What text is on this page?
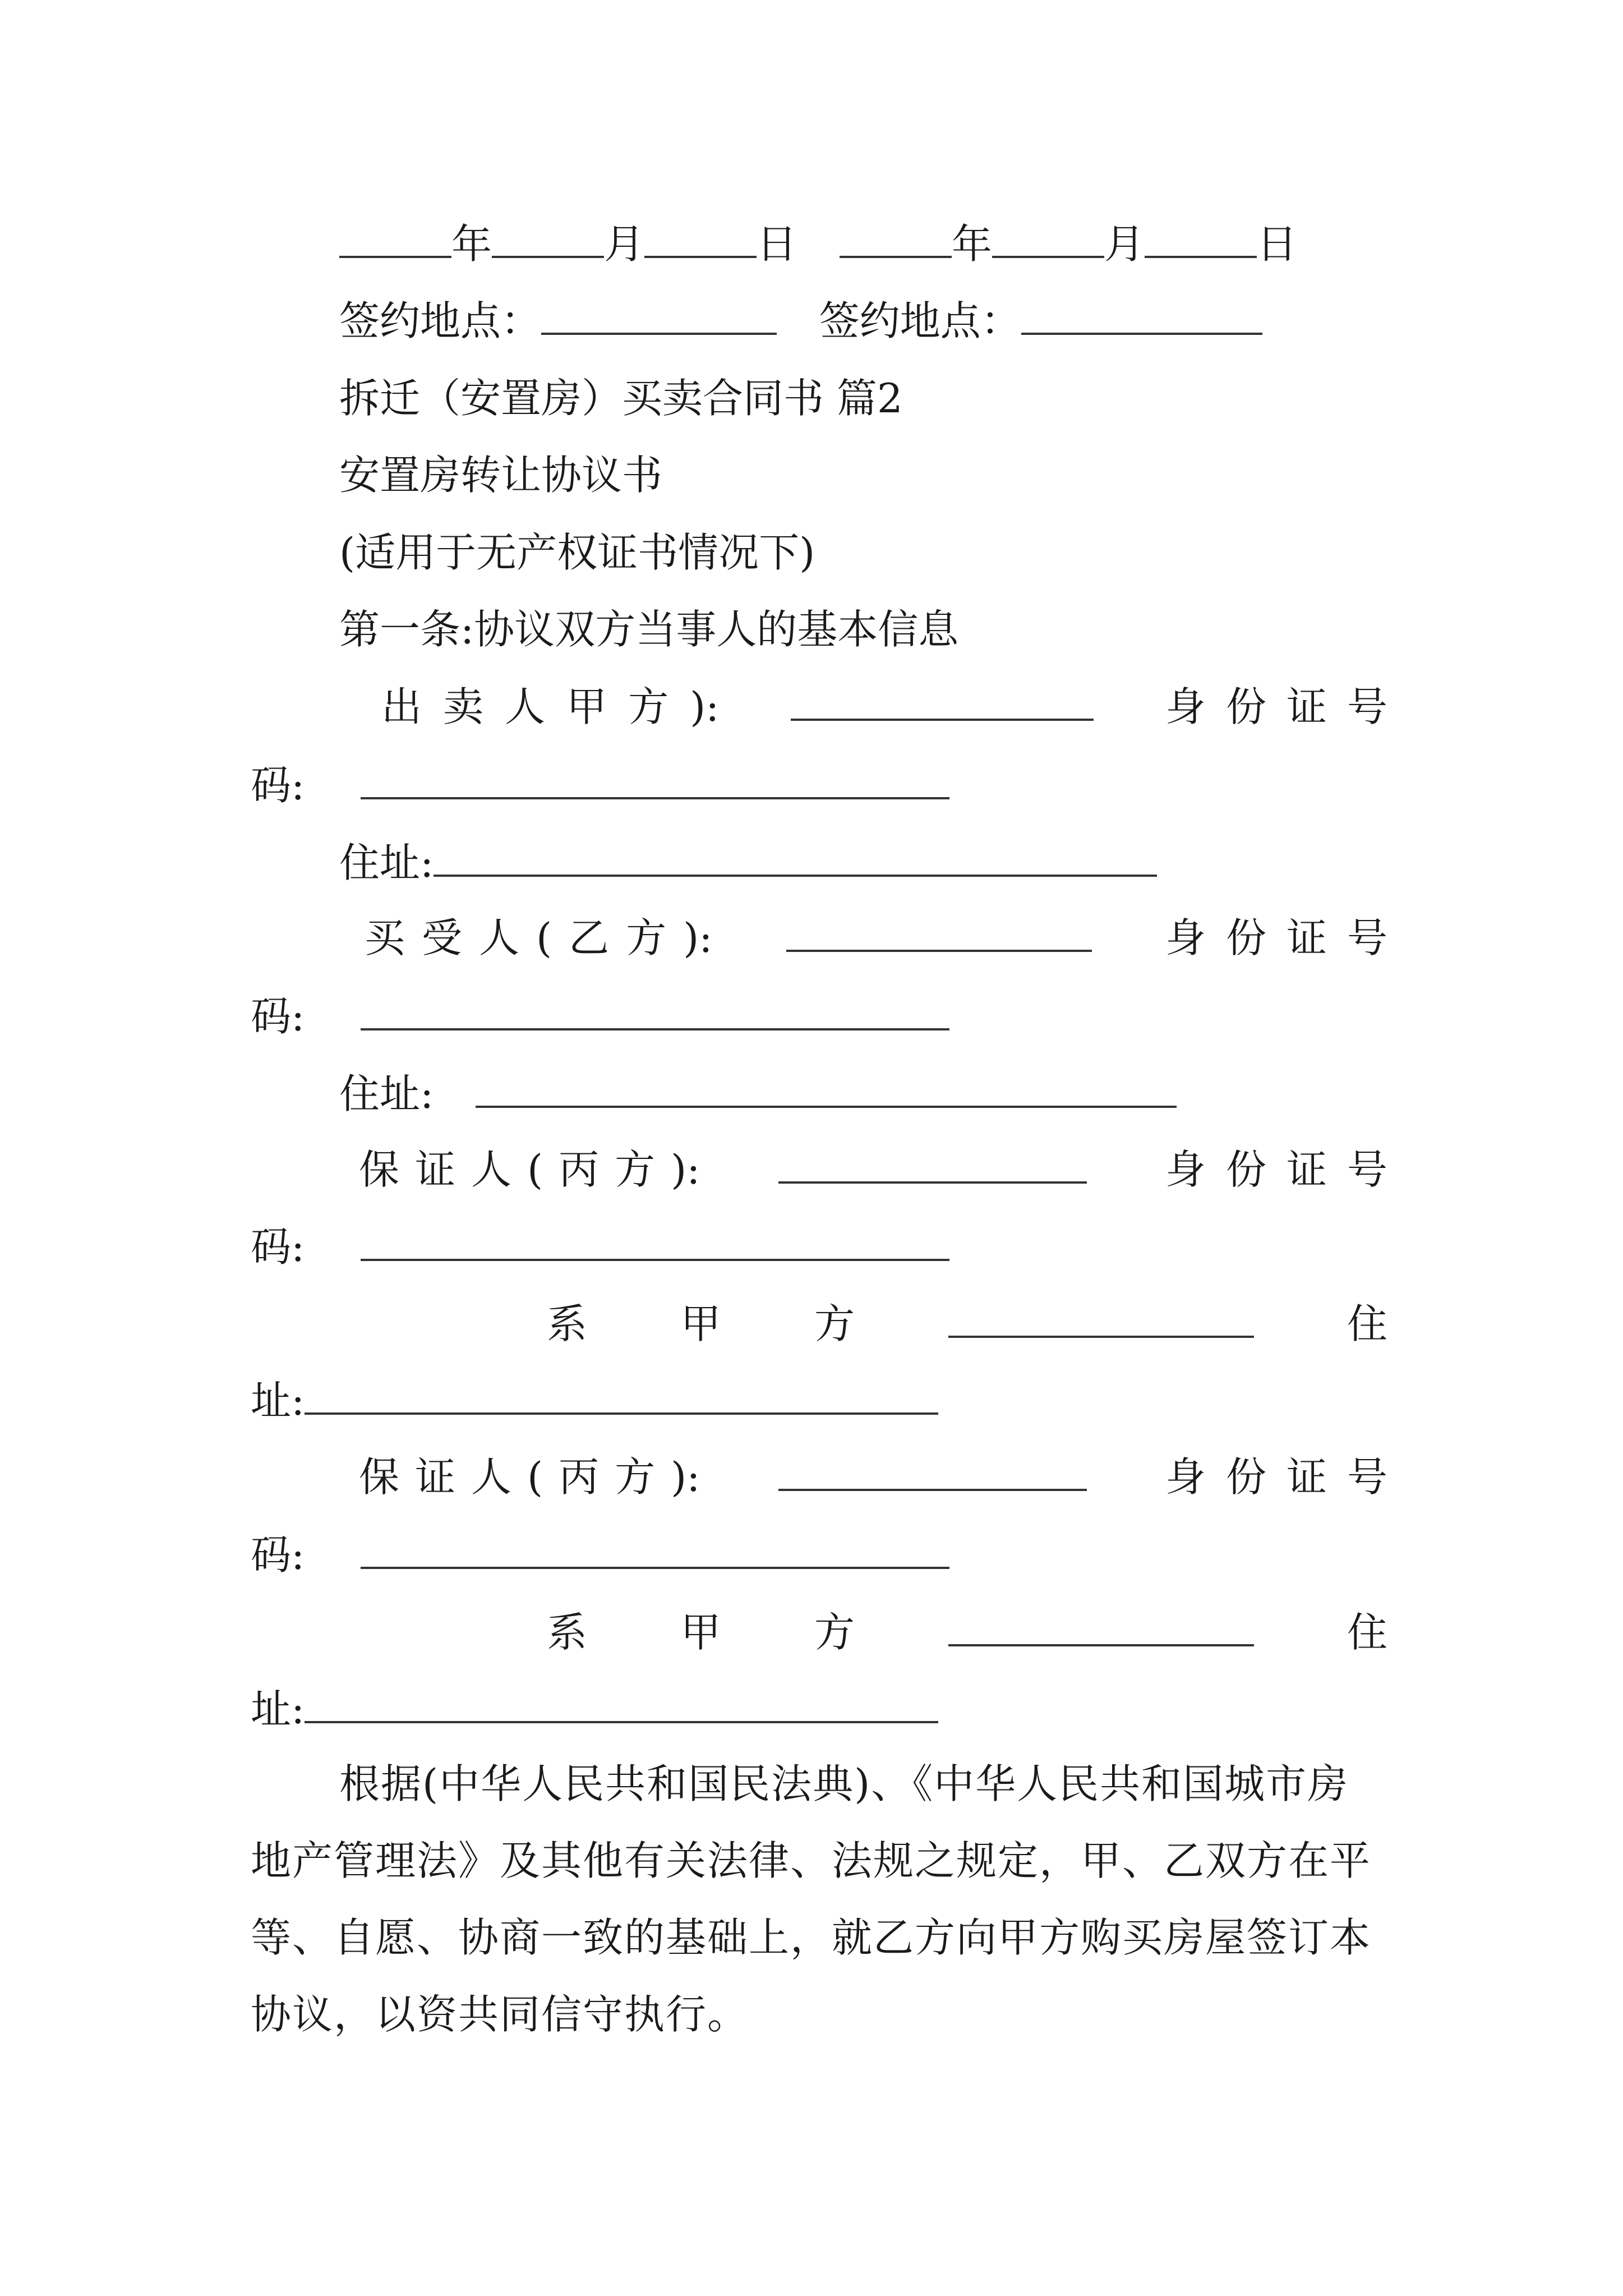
年	月	日	年	月	日
签约地点：	签约地点：
拆迁（安置房）买卖合同书 篇2
安置房转让协议书
(适用于无产权证书情况下)
第一条:协议双方当事人的基本信息
出卖人甲方):	身份证号
码:
住址:
买受人(乙方):	身份证号
码:
住址:
保证人(丙方):	身份证号
码:
系 甲 方	住
址:
保证人(丙方):	身份证号
码:
系 甲 方	住
址:
根据(中华人民共和国民法典)、《中华人民共和国城市房地产管理法》及其他有关法律、法规之规定，甲、乙双方在平等、自愿、协商一致的基础上，就乙方向甲方购买房屋签订本协议，以资共同信守执行。
